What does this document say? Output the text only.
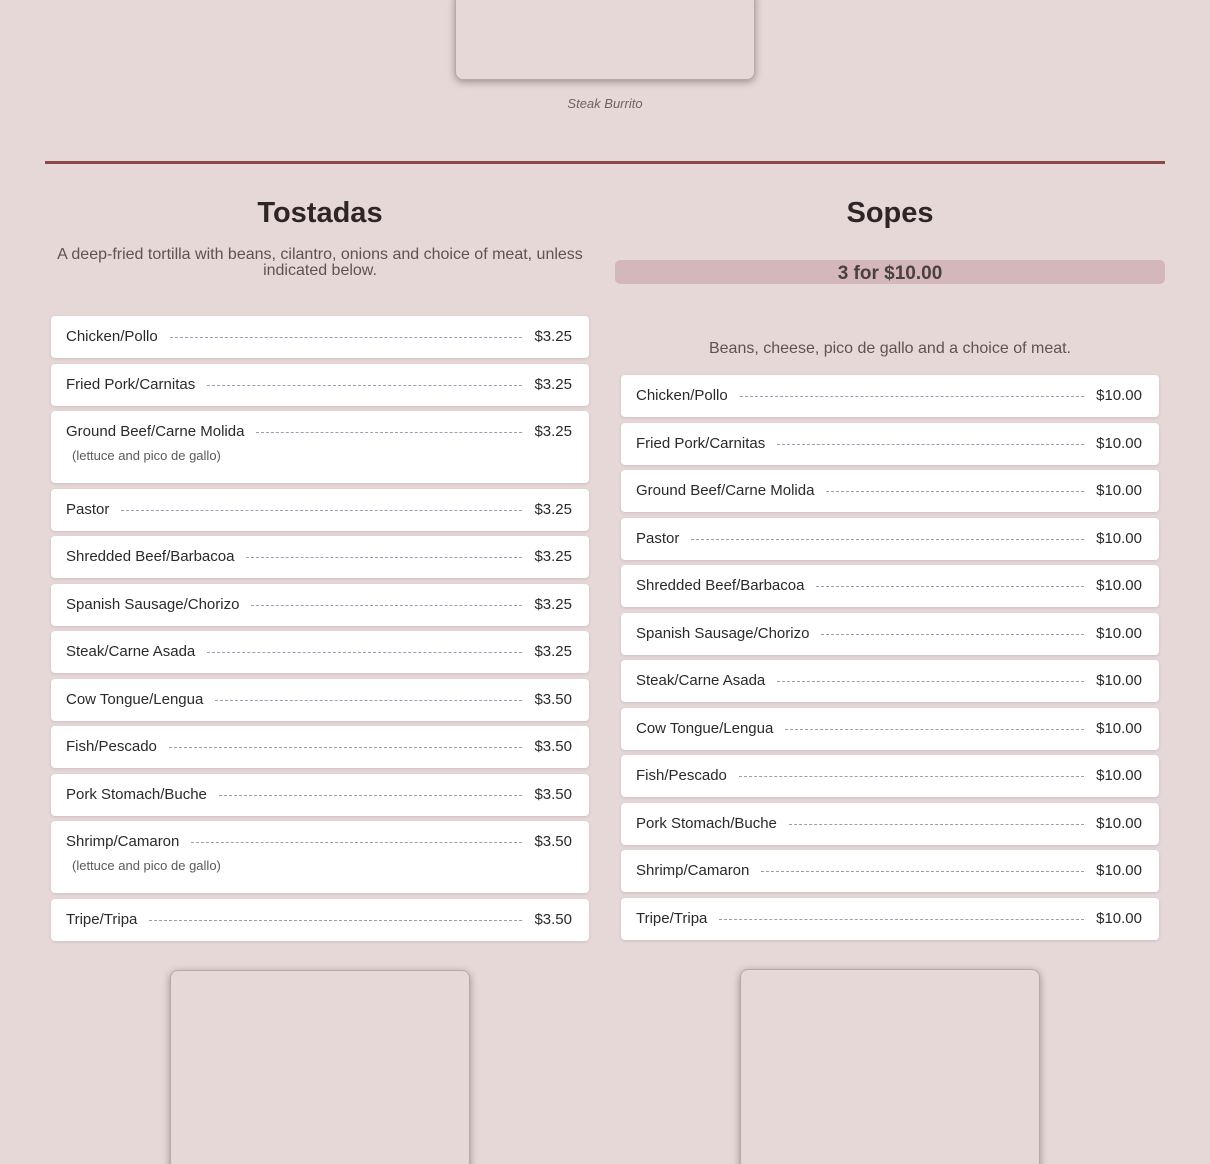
Steak Burrito
Tostadas

A deep-fried tortilla with beans, cilantro, onions and choice of meat, unless indicated below.

Chicken/Pollo	$3.25
Fried Pork/Carnitas	$3.25
Ground Beef/Carne Molida	$3.25
(lettuce and pico de gallo)
Pastor	$3.25
Shredded Beef/Barbacoa	$3.25
Spanish Sausage/Chorizo	$3.25
Steak/Carne Asada	$3.25
Cow Tongue/Lengua	$3.50
Fish/Pescado	$3.50
Pork Stomach/Buche	$3.50
Shrimp/Camaron	$3.50
(lettuce and pico de gallo)
Tripe/Tripa	$3.50
Sopes
3 for $10.00

Beans, cheese, pico de gallo and a choice of meat.

Chicken/Pollo	$10.00
Fried Pork/Carnitas	$10.00
Ground Beef/Carne Molida	$10.00
Pastor	$10.00
Shredded Beef/Barbacoa	$10.00
Spanish Sausage/Chorizo	$10.00
Steak/Carne Asada	$10.00
Cow Tongue/Lengua	$10.00
Fish/Pescado	$10.00
Pork Stomach/Buche	$10.00
Shrimp/Camaron	$10.00
Tripe/Tripa	$10.00
